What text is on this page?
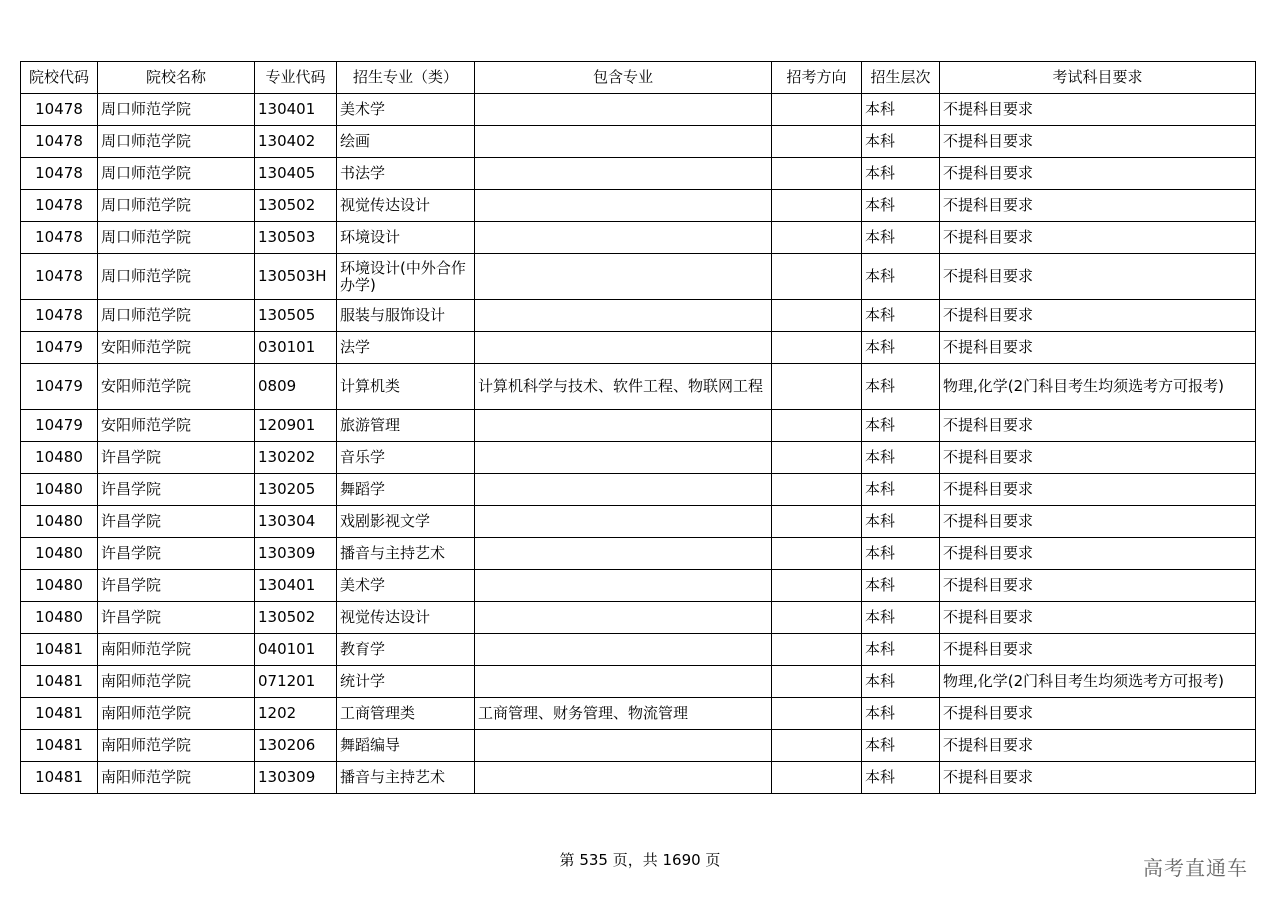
院校代码	院校名称	专业代码	招生专业（类）	包含专业	招考方向	招生层次	考试科目要求
10478	周口师范学院	130401	美术学			本科	不提科目要求
10478	周口师范学院	130402	绘画			本科	不提科目要求
10478	周口师范学院	130405	书法学			本科	不提科目要求
10478	周口师范学院	130502	视觉传达设计			本科	不提科目要求
10478	周口师范学院	130503	环境设计			本科	不提科目要求
10478	周口师范学院	130503H	环境设计(中外合作办学)			本科	不提科目要求
10478	周口师范学院	130505	服装与服饰设计			本科	不提科目要求
10479	安阳师范学院	030101	法学			本科	不提科目要求
10479	安阳师范学院	0809	计算机类	计算机科学与技术、软件工程、物联网工程		本科	物理,化学(2门科目考生均须选考方可报考)
10479	安阳师范学院	120901	旅游管理			本科	不提科目要求
10480	许昌学院	130202	音乐学			本科	不提科目要求
10480	许昌学院	130205	舞蹈学			本科	不提科目要求
10480	许昌学院	130304	戏剧影视文学			本科	不提科目要求
10480	许昌学院	130309	播音与主持艺术			本科	不提科目要求
10480	许昌学院	130401	美术学			本科	不提科目要求
10480	许昌学院	130502	视觉传达设计			本科	不提科目要求
10481	南阳师范学院	040101	教育学			本科	不提科目要求
10481	南阳师范学院	071201	统计学			本科	物理,化学(2门科目考生均须选考方可报考)
10481	南阳师范学院	1202	工商管理类	工商管理、财务管理、物流管理		本科	不提科目要求
10481	南阳师范学院	130206	舞蹈编导			本科	不提科目要求
10481	南阳师范学院	130309	播音与主持艺术			本科	不提科目要求
第 535 页，共 1690 页	高考直通车
